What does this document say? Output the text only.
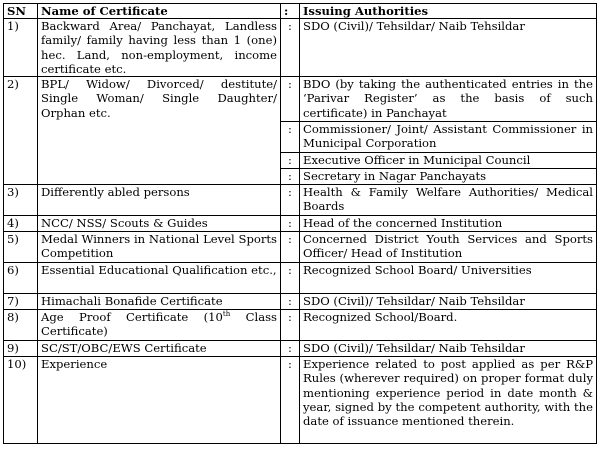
SN	Name of Certificate	:	Issuing Authorities
1)	Backward Area/ Panchayat, Landless family/ family having less than 1 (one) hec. Land, non-employment, income certificate etc.	:	SDO (Civil)/ Tehsildar/ Naib Tehsildar
2)	BPL/ Widow/ Divorced/ destitute/ Single Woman/ Single Daughter/ Orphan etc.	:	BDO (by taking the authenticated entries in the ‘Parivar Register’ as the basis of such certificate) in Panchayat
		:	Commissioner/ Joint/ Assistant Commissioner in Municipal Corporation
		:	Executive Officer in Municipal Council
		:	Secretary in Nagar Panchayats
3)	Differently abled persons	:	Health & Family Welfare Authorities/ Medical Boards
4)	NCC/ NSS/ Scouts & Guides	:	Head of the concerned Institution
5)	Medal Winners in National Level Sports Competition	:	Concerned District Youth Services and Sports Officer/ Head of Institution
6)	Essential Educational Qualification etc.,	:	Recognized School Board/ Universities
7)	Himachali Bonafide Certificate	:	SDO (Civil)/ Tehsildar/ Naib Tehsildar
8)	Age Proof Certificate (10th Class Certificate)	:	Recognized School/Board.
9)	SC/ST/OBC/EWS Certificate	:	SDO (Civil)/ Tehsildar/ Naib Tehsildar
10)	Experience	:	Experience related to post applied as per R&P Rules (wherever required) on proper format duly mentioning experience period in date month & year, signed by the competent authority, with the date of issuance mentioned therein.
